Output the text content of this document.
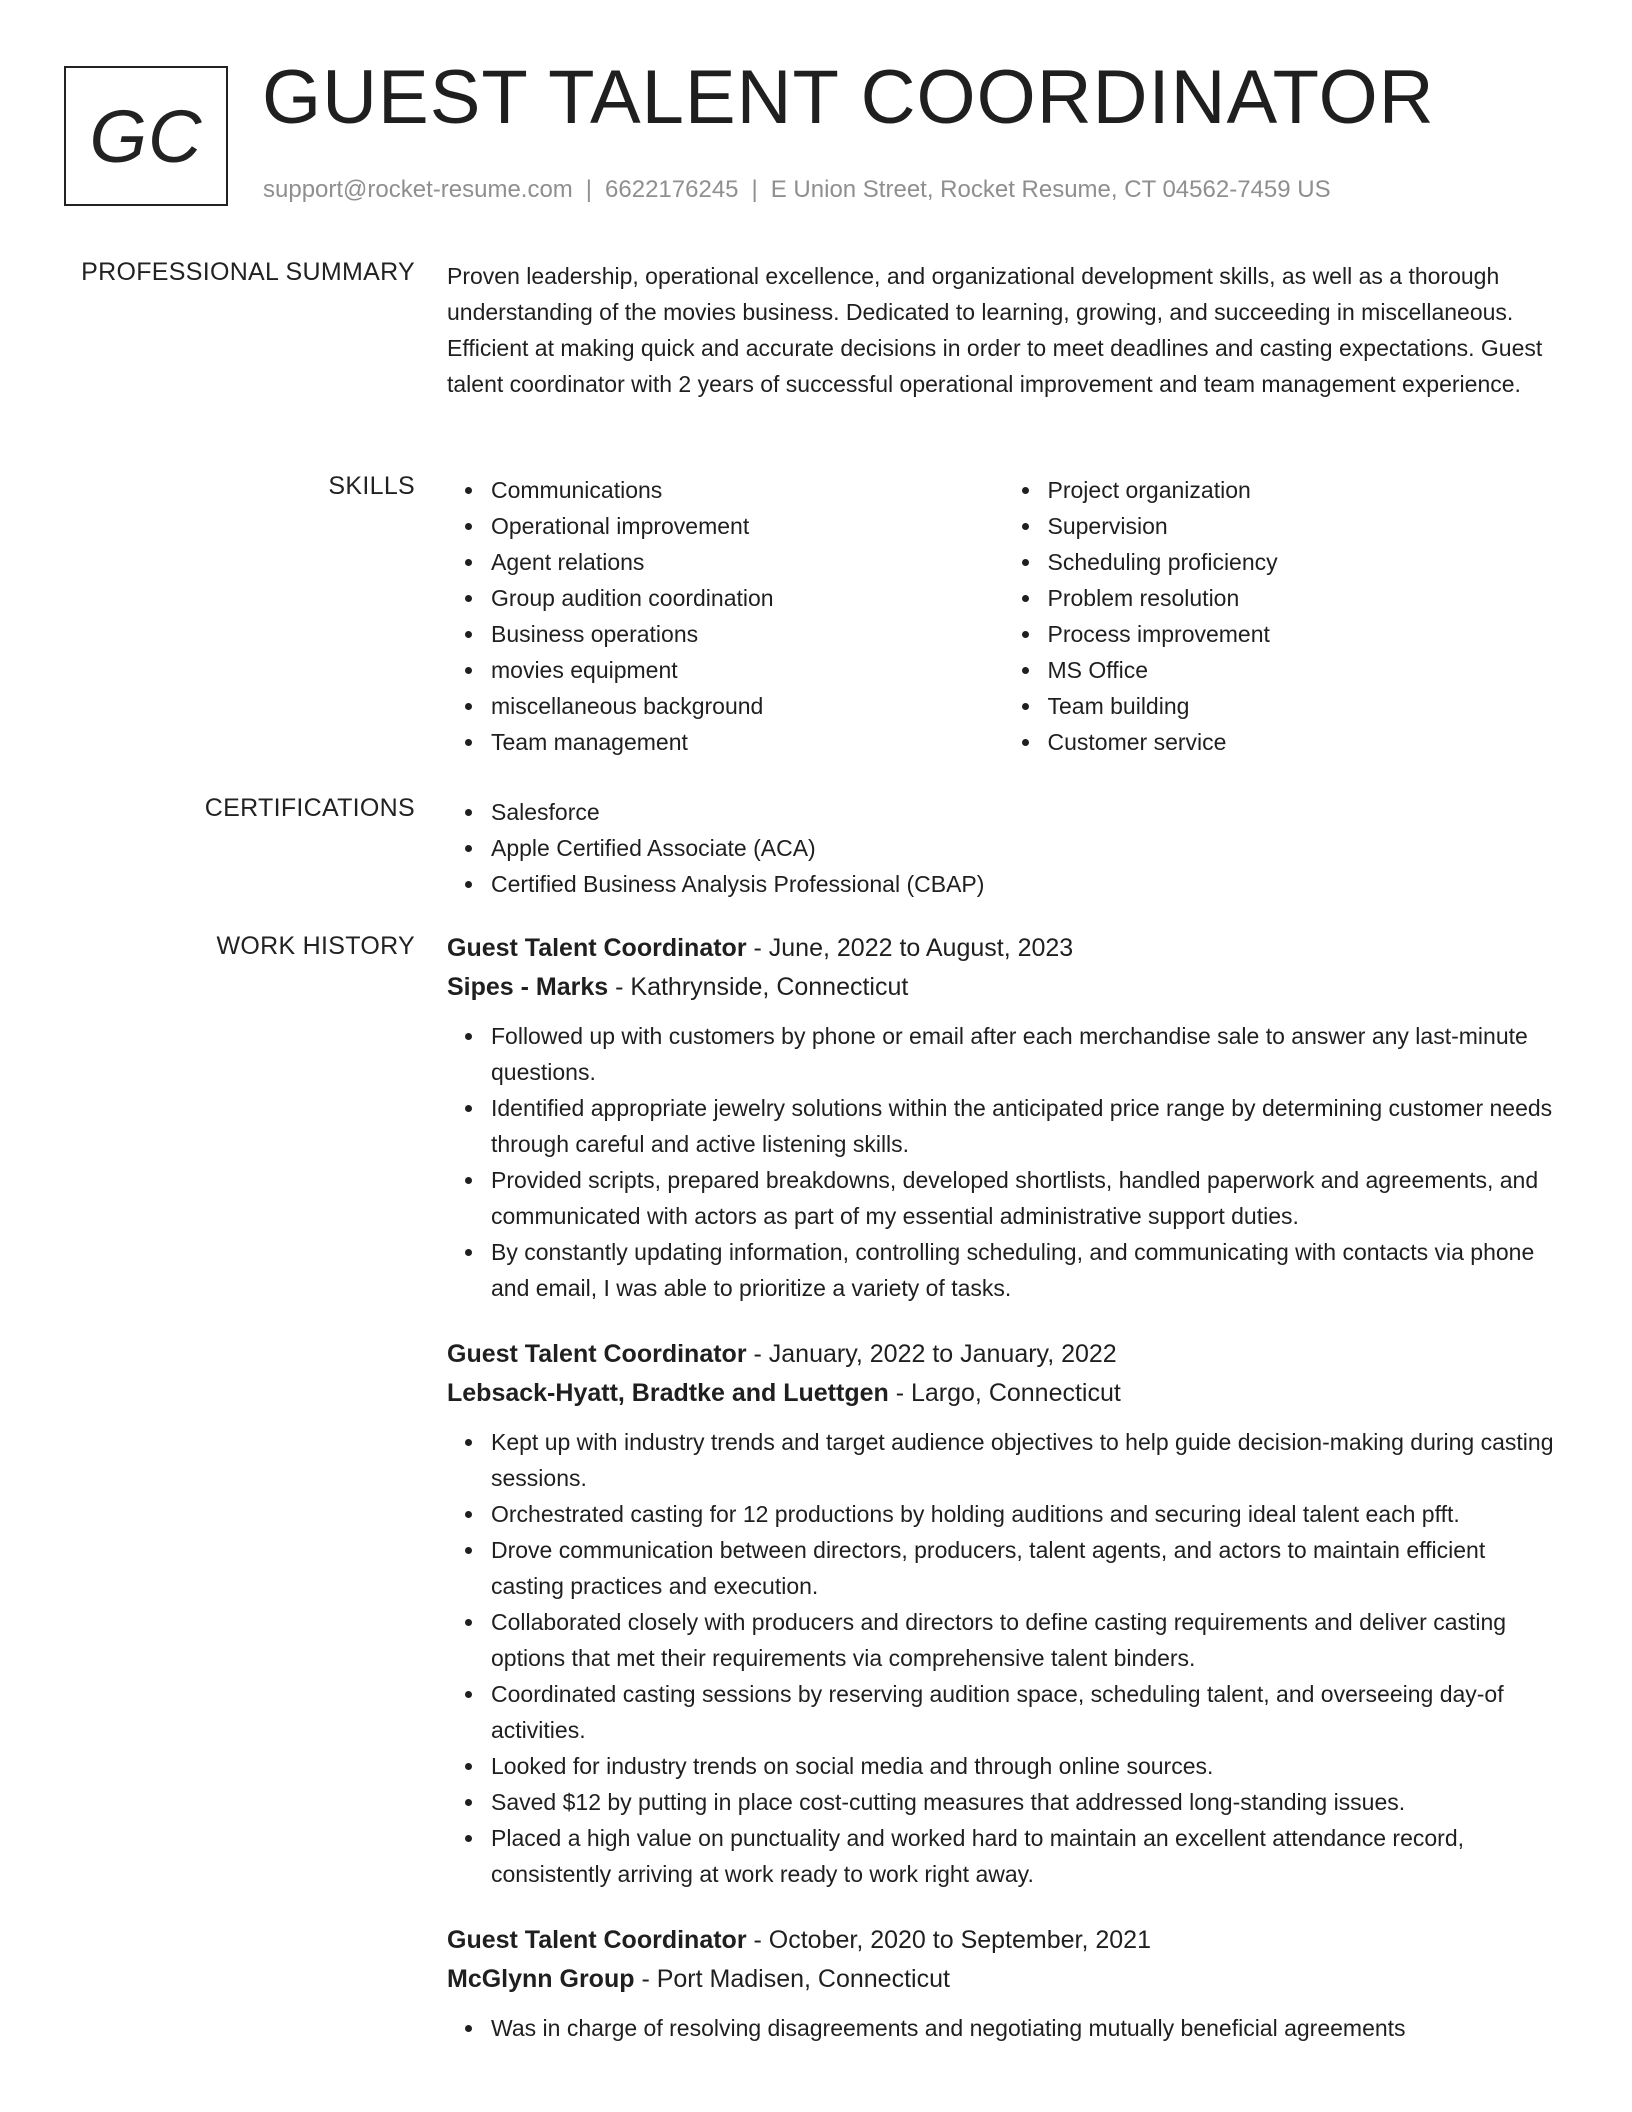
GC GUEST TALENT COORDINATOR
support@rocket-resume.com | 6622176245 | E Union Street, Rocket Resume, CT 04562-7459 US
PROFESSIONAL SUMMARY Proven leadership, operational excellence, and organizational development skills, as well as a thorough understanding of the movies business. Dedicated to learning, growing, and succeeding in miscellaneous. Efficient at making quick and accurate decisions in order to meet deadlines and casting expectations. Guest talent coordinator with 2 years of successful operational improvement and team management experience.

SKILLS	Communications
Operational improvement
Agent relations
Group audition coordination
Business operations
movies equipment
miscellaneous background
Team management
Project organization
Supervision
Scheduling proficiency
Problem resolution
Process improvement
MS Office
Team building
Customer service
CERTIFICATIONS	Salesforce
Apple Certified Associate (ACA)
Certified Business Analysis Professional (CBAP)
WORK HISTORY Guest Talent Coordinator - June, 2022 to August, 2023
Sipes - Marks - Kathrynside, Connecticut
Followed up with customers by phone or email after each merchandise sale to answer any last-minute questions.
Identified appropriate jewelry solutions within the anticipated price range by determining customer needs through careful and active listening skills.
Provided scripts, prepared breakdowns, developed shortlists, handled paperwork and agreements, and communicated with actors as part of my essential administrative support duties.
By constantly updating information, controlling scheduling, and communicating with contacts via phone and email, I was able to prioritize a variety of tasks.
Guest Talent Coordinator - January, 2022 to January, 2022
Lebsack-Hyatt, Bradtke and Luettgen - Largo, Connecticut
Kept up with industry trends and target audience objectives to help guide decision-making during casting sessions.
Orchestrated casting for 12 productions by holding auditions and securing ideal talent each pfft.
Drove communication between directors, producers, talent agents, and actors to maintain efficient casting practices and execution.
Collaborated closely with producers and directors to define casting requirements and deliver casting options that met their requirements via comprehensive talent binders.
Coordinated casting sessions by reserving audition space, scheduling talent, and overseeing day-of activities.
Looked for industry trends on social media and through online sources.
Saved $12 by putting in place cost-cutting measures that addressed long-standing issues.
Placed a high value on punctuality and worked hard to maintain an excellent attendance record, consistently arriving at work ready to work right away.
Guest Talent Coordinator - October, 2020 to September, 2021
McGlynn Group - Port Madisen, Connecticut
Was in charge of resolving disagreements and negotiating mutually beneficial agreements
